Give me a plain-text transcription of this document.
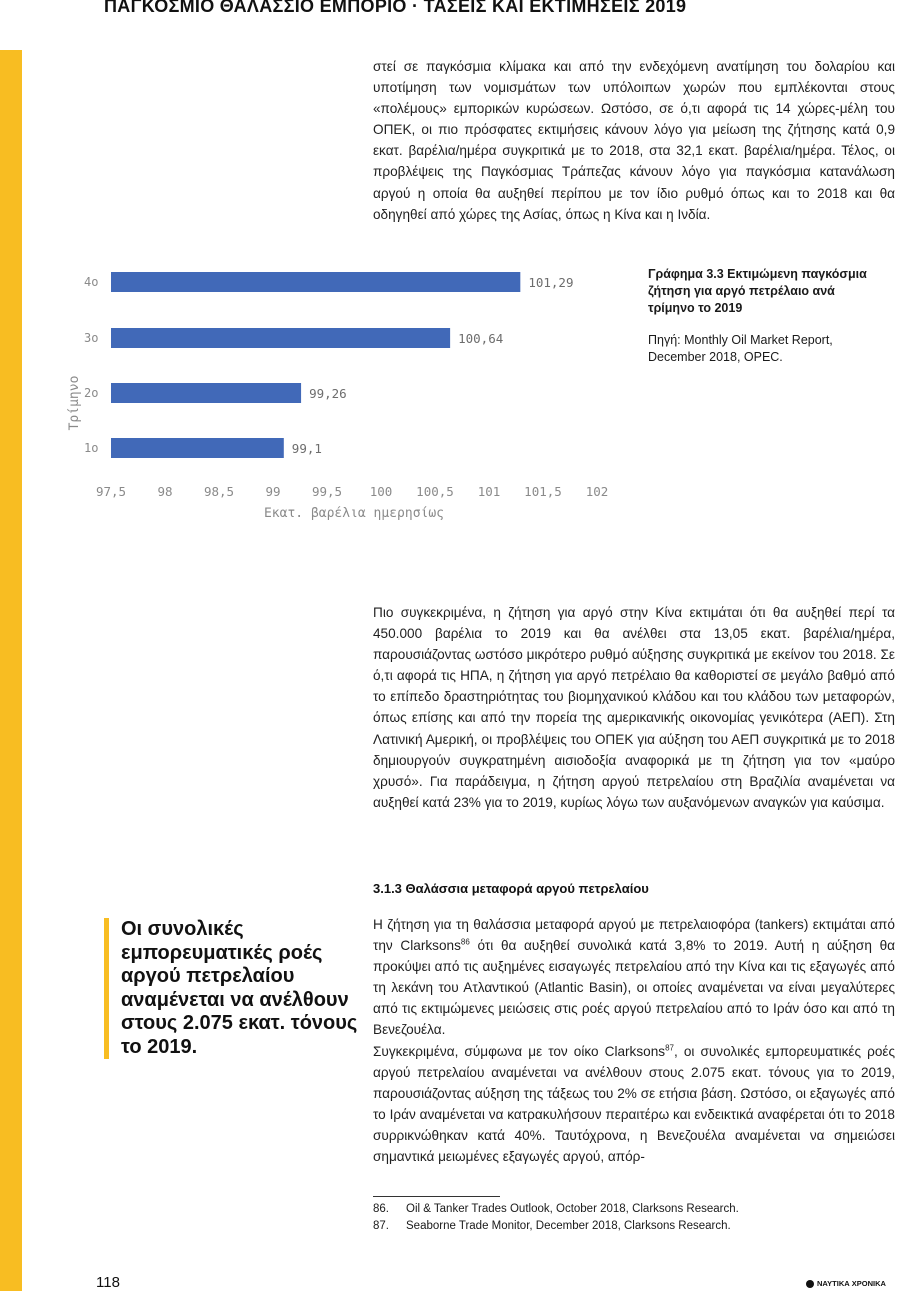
ΠΑΓΚΟΣΜΙΟ ΘΑΛΑΣΣΙΟ ΕΜΠΟΡΙΟ · ΤΑΣΕΙΣ ΚΑΙ ΕΚΤΙΜΗΣΕΙΣ 2019

στεί σε παγκόσμια κλίμακα και από την ενδεχόμενη ανατίμηση του δολαρίου και υποτίμηση των νομισμάτων των υπόλοιπων χωρών που εμπλέκονται στους «πολέμους» εμπορικών κυρώσεων. Ωστόσο, σε ό,τι αφορά τις 14 χώρες-μέλη του ΟΠΕΚ, οι πιο πρόσφατες εκτιμήσεις κάνουν λόγο για μείωση της ζήτησης κατά 0,9 εκατ. βαρέλια/ημέρα συγκριτικά με το 2018, στα 32,1 εκατ. βαρέλια/ημέρα. Τέλος, οι προβλέψεις της Παγκόσμιας Τράπεζας κάνουν λόγο για παγκόσμια κατανάλωση αργού η οποία θα αυξηθεί περίπου με τον ίδιο ρυθμό όπως και το 2018 και θα οδηγηθεί από χώρες της Ασίας, όπως η Κίνα και η Ινδία.

1ο
2ο
3ο
4ο
99,1
99,26
100,64
101,29
97,5	98	98,5	99	99,5 100 100,5 101 101,5 102
Τρίμηνο
Εκατ. βαρέλια ημερησίως

Γράφημα 3.3 Εκτιμώμενη παγκόσμια ζήτηση για αργό πετρέλαιο ανά τρίμηνο το 2019

Πηγή: Monthly Oil Market Report, December 2018, OPEC.

Πιο συγκεκριμένα, η ζήτηση για αργό στην Κίνα εκτιμάται ότι θα αυξηθεί περί τα 450.000 βαρέλια το 2019 και θα ανέλθει στα 13,05 εκατ. βαρέλια/ημέρα, παρουσιάζοντας ωστόσο μικρότερο ρυθμό αύξησης συγκριτικά με εκείνον του 2018. Σε ό,τι αφορά τις ΗΠΑ, η ζήτηση για αργό πετρέλαιο θα καθοριστεί σε μεγάλο βαθμό από το επίπεδο δραστηριότητας του βιομηχανικού κλάδου και του κλάδου των μεταφορών, όπως επίσης και από την πορεία της αμερικανικής οικονομίας γενικότερα (ΑΕΠ). Στη Λατινική Αμερική, οι προβλέψεις του ΟΠΕΚ για αύξηση του ΑΕΠ συγκριτικά με το 2018 δημιουργούν συγκρατημένη αισιοδοξία αναφορικά με τη ζήτηση για τον «μαύρο χρυσό». Για παράδειγμα, η ζήτηση αργού πετρελαίου στη Βραζιλία αναμένεται να αυξηθεί κατά 23% για το 2019, κυρίως λόγω των αυξανόμενων αναγκών για καύσιμα.

3.1.3 Θαλάσσια μεταφορά αργού πετρελαίου
Οι συνολικές εμπορευματικές ροές αργού πετρελαίου αναμένεται να ανέλθουν στους 2.075 εκατ. τόνους το 2019.

Η ζήτηση για τη θαλάσσια μεταφορά αργού με πετρελαιοφόρα (tankers) εκτιμάται από την Clarksons$^{86}$ ότι θα αυξηθεί συνολικά κατά 3,8% το 2019. Αυτή η αύξηση θα προκύψει από τις αυξημένες εισαγωγές πετρελαίου από την Κίνα και τις εξαγωγές από τη λεκάνη του Ατλαντικού (Atlantic Basin), οι οποίες αναμένεται να είναι μεγαλύτερες από τις εκτιμώμενες μειώσεις στις ροές αργού πετρελαίου από το Ιράν όσο και από τη Βενεζουέλα.

Συγκεκριμένα, σύμφωνα με τον οίκο Clarksons$^{87}$, οι συνολικές εμπορευματικές ροές αργού πετρελαίου αναμένεται να ανέλθουν στους 2.075 εκατ. τόνους για το 2019, παρουσιάζοντας αύξηση της τάξεως του 2% σε ετήσια βάση. Ωστόσο, οι εξαγωγές από το Ιράν αναμένεται να κατρακυλήσουν περαιτέρω και ενδεικτικά αναφέρεται ότι το 2018 συρρικνώθηκαν κατά 40%. Ταυτόχρονα, η Βενεζουέλα αναμένεται να σημειώσει σημαντικά μειωμένες εξαγωγές αργού, απόρ-

86.	Oil & Tanker Trades Outlook, October 2018, Clarksons Research.
87.	Seaborne Trade Monitor, December 2018, Clarksons Research.
118	ΝΑΥΤΙΚΑ ΧΡΟΝΙΚΑ
